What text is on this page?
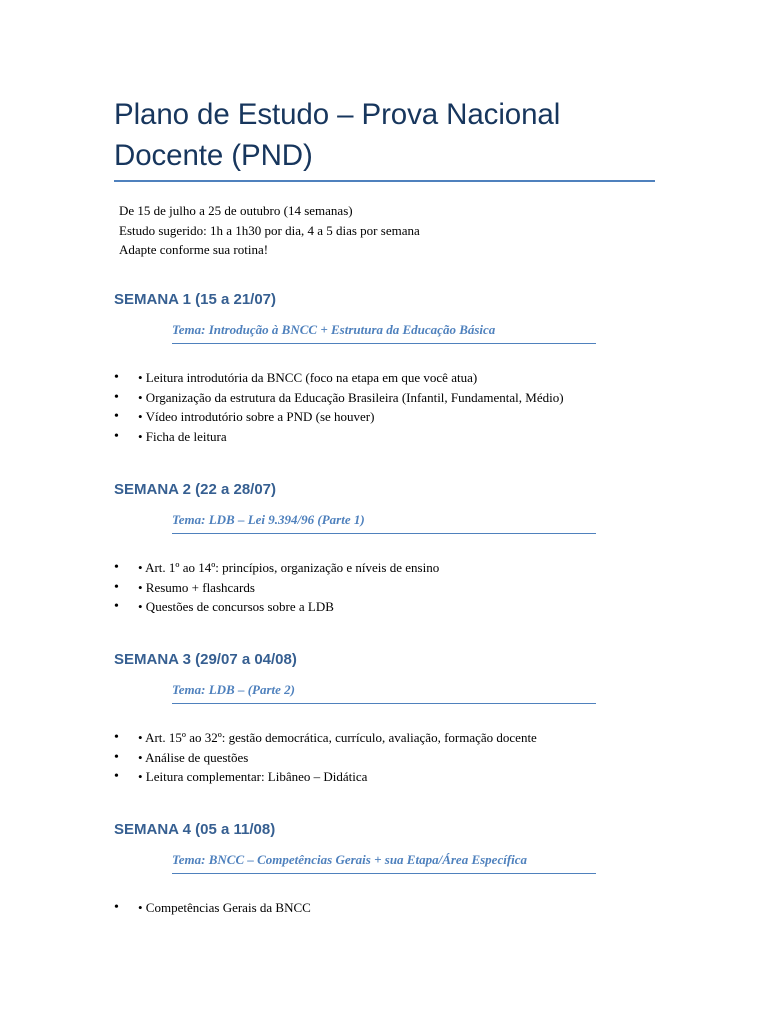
Plano de Estudo – Prova Nacional Docente (PND)

De 15 de julho a 25 de outubro (14 semanas)

Estudo sugerido: 1h a 1h30 por dia, 4 a 5 dias por semana

Adapte conforme sua rotina!

SEMANA 1 (15 a 21/07)
Tema: Introdução à BNCC + Estrutura da Educação Básica
• • Leitura introdutória da BNCC (foco na etapa em que você atua)
• • Organização da estrutura da Educação Brasileira (Infantil, Fundamental, Médio)
• • Vídeo introdutório sobre a PND (se houver)
• • Ficha de leitura
SEMANA 2 (22 a 28/07)
Tema: LDB – Lei 9.394/96 (Parte 1)
• • Art. 1º ao 14º: princípios, organização e níveis de ensino
• • Resumo + flashcards
• • Questões de concursos sobre a LDB
SEMANA 3 (29/07 a 04/08)
Tema: LDB – (Parte 2)
• • Art. 15º ao 32º: gestão democrática, currículo, avaliação, formação docente
• • Análise de questões
• • Leitura complementar: Libâneo – Didática
SEMANA 4 (05 a 11/08)
Tema: BNCC – Competências Gerais + sua Etapa/Área Específica
• • Competências Gerais da BNCC
